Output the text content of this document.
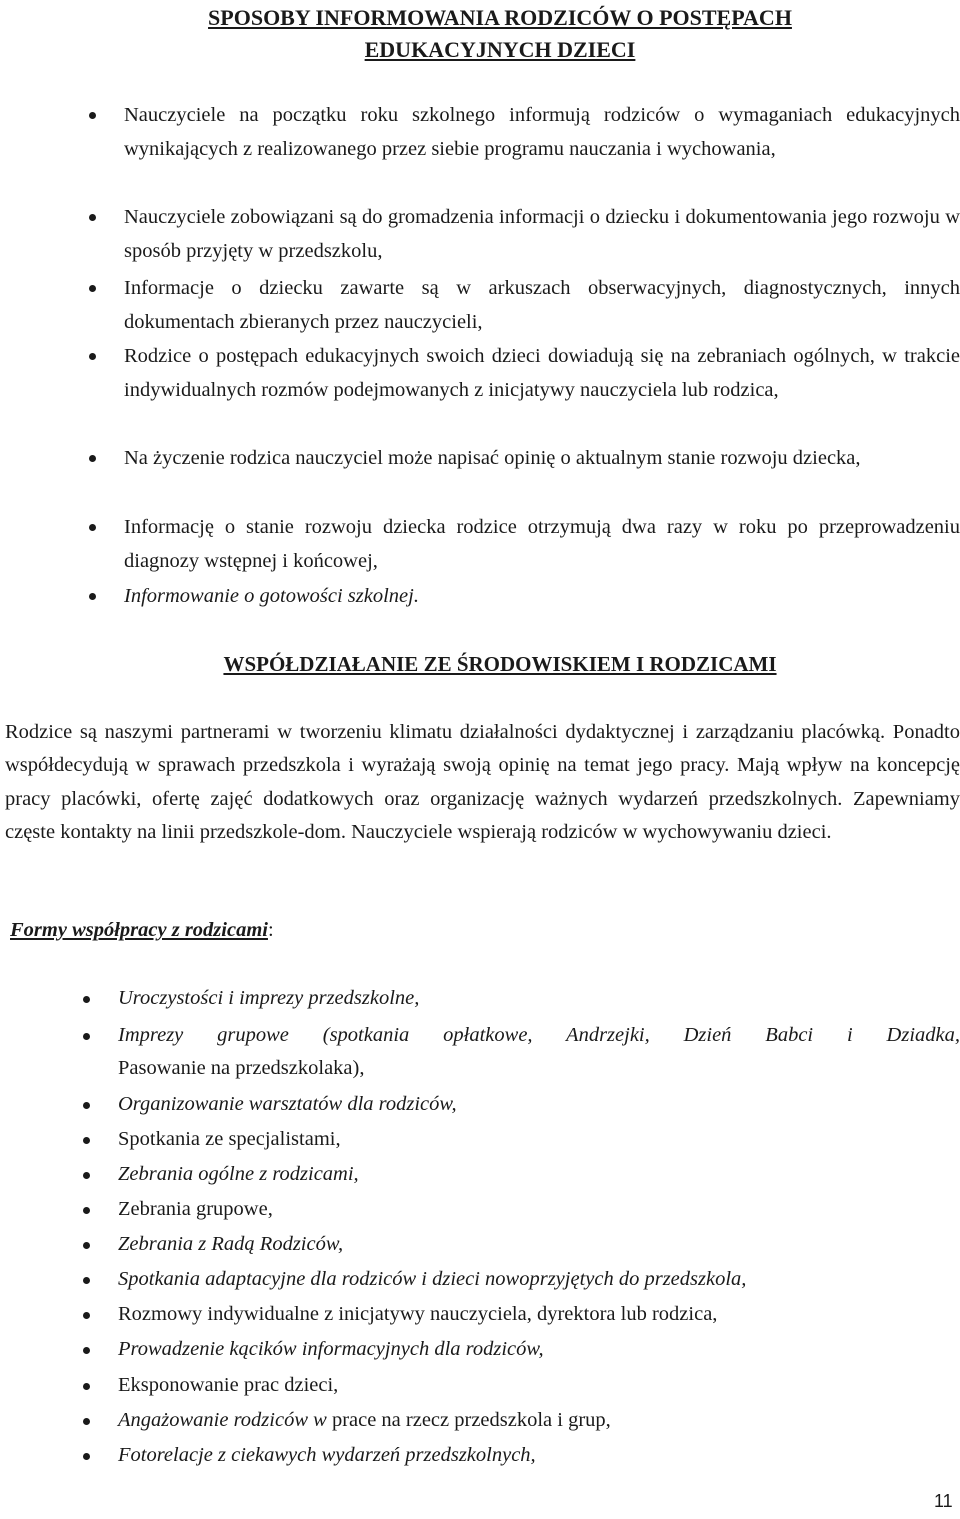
SPOSOBY INFORMOWANIA RODZICÓW O POSTĘPACH
EDUKACYJNYCH DZIECI
Nauczyciele na początku roku szkolnego informują rodziców o wymaganiach edukacyjnych wynikających z realizowanego przez siebie programu nauczania i wychowania,
Nauczyciele zobowiązani są do gromadzenia informacji o dziecku i dokumentowania jego rozwoju w sposób przyjęty w przedszkolu,
Informacje o dziecku zawarte są w arkuszach obserwacyjnych, diagnostycznych, innych dokumentach zbieranych przez nauczycieli,
Rodzice o postępach edukacyjnych swoich dzieci dowiadują się na zebraniach ogólnych, w trakcie indywidualnych rozmów podejmowanych z inicjatywy nauczyciela lub rodzica,
Na życzenie rodzica nauczyciel może napisać opinię o aktualnym stanie rozwoju dziecka,
Informację o stanie rozwoju dziecka rodzice otrzymują dwa razy w roku po przeprowadzeniu diagnozy wstępnej i końcowej,
Informowanie o gotowości szkolnej.
WSPÓŁDZIAŁANIE ZE ŚRODOWISKIEM I RODZICAMI
Rodzice są naszymi partnerami w tworzeniu klimatu działalności dydaktycznej i zarządzaniu placówką. Ponadto współdecydują w sprawach przedszkola i wyrażają swoją opinię na temat jego pracy. Mają wpływ na koncepcję pracy placówki, ofertę zajęć dodatkowych oraz organizację ważnych wydarzeń przedszkolnych. Zapewniamy częste kontakty na linii przedszkole-dom. Nauczyciele wspierają rodziców w wychowywaniu dzieci.
Formy współpracy z rodzicami:
Uroczystości i imprezy przedszkolne,
Imprezy grupowe (spotkania opłatkowe, Andrzejki, Dzień Babci i Dziadka,
Pasowanie na przedszkolaka),
Organizowanie warsztatów dla rodziców,
Spotkania ze specjalistami,
Zebrania ogólne z rodzicami,
Zebrania grupowe,
Zebrania z Radą Rodziców,
Spotkania adaptacyjne dla rodziców i dzieci nowoprzyjętych do przedszkola,
Rozmowy indywidualne z inicjatywy nauczyciela, dyrektora lub rodzica,
Prowadzenie kącików informacyjnych dla rodziców,
Eksponowanie prac dzieci,
Angażowanie rodziców w prace na rzecz przedszkola i grup,
Fotorelacje z ciekawych wydarzeń przedszkolnych,
11
